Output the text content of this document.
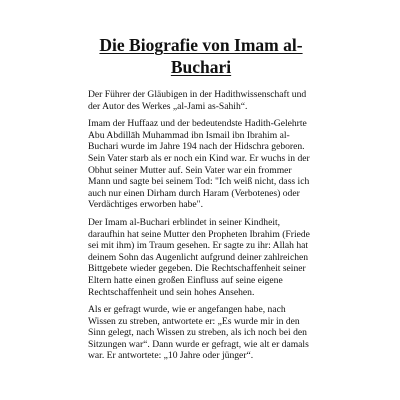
Die Biografie von Imam al-Buchari

Der Führer der Gläubigen in der Hadithwissenschaft und der Autor des Werkes „al-Jami as-Sahih“.

Imam der Huffaaz und der bedeutendste Hadith-Gelehrte Abu Abdillāh Muhammad ibn Ismail ibn Ibrahim al-Buchari wurde im Jahre 194 nach der Hidschra geboren. Sein Vater starb als er noch ein Kind war. Er wuchs in der Obhut seiner Mutter auf. Sein Vater war ein frommer Mann und sagte bei seinem Tod: "Ich weiß nicht, dass ich auch nur einen Dirham durch Haram (Verbotenes) oder Verdächtiges erworben habe".

Der Imam al-Buchari erblindet in seiner Kindheit, daraufhin hat seine Mutter den Propheten Ibrahim (Friede sei mit ihm) im Traum gesehen. Er sagte zu ihr: Allah hat deinem Sohn das Augenlicht aufgrund deiner zahlreichen Bittgebete wieder gegeben. Die Rechtschaffenheit seiner Eltern hatte einen großen Einfluss auf seine eigene Rechtschaffenheit und sein hohes Ansehen.

Als er gefragt wurde, wie er angefangen habe, nach Wissen zu streben, antwortete er: „Es wurde mir in den Sinn gelegt, nach Wissen zu streben, als ich noch bei den Sitzungen war“. Dann wurde er gefragt, wie alt er damals war. Er antwortete: „10 Jahre oder jünger“.
